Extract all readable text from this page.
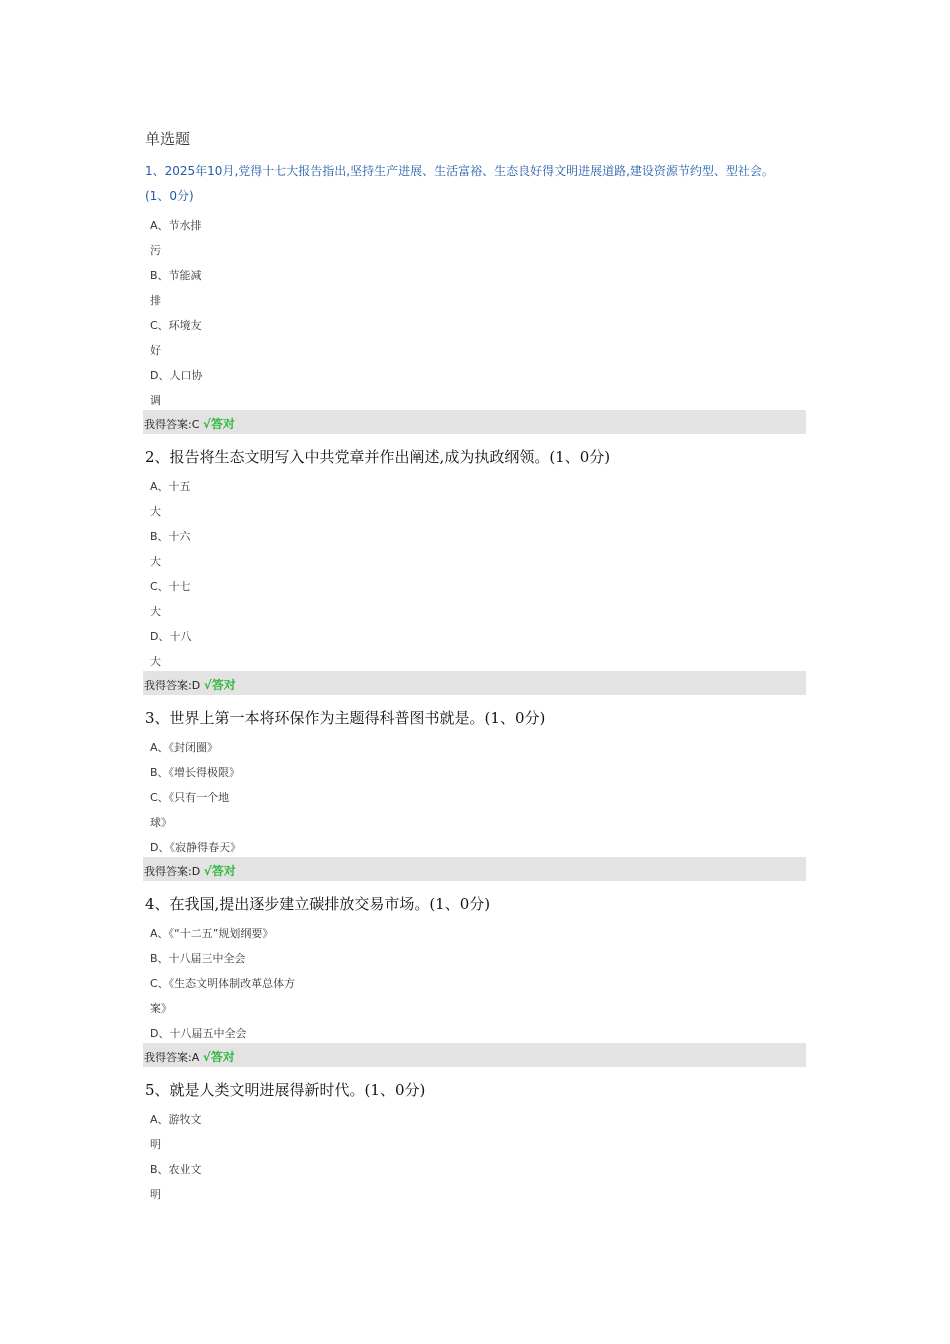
单选题
1、2025年10月,党得十七大报告指出,坚持生产进展、生活富裕、生态良好得文明进展道路,建设资源节约型、型社会。
(1、0分)
A、节水排
污
B、节能减
排
C、环境友
好
D、人口协
调
我得答案:C √答对
2、报告将生态文明写入中共党章并作出阐述,成为执政纲领。(1、0分)
A、十五
大
B、十六
大
C、十七
大
D、十八
大
我得答案:D √答对
3、世界上第一本将环保作为主题得科普图书就是。(1、0分)
A、《封闭圈》
B、《增长得极限》
C、《只有一个地
球》
D、《寂静得春天》
我得答案:D √答对
4、在我国,提出逐步建立碳排放交易市场。(1、0分)
A、《“十二五”规划纲要》
B、十八届三中全会
C、《生态文明体制改革总体方
案》
D、十八届五中全会
我得答案:A √答对
5、就是人类文明进展得新时代。(1、0分)
A、游牧文
明
B、农业文
明
